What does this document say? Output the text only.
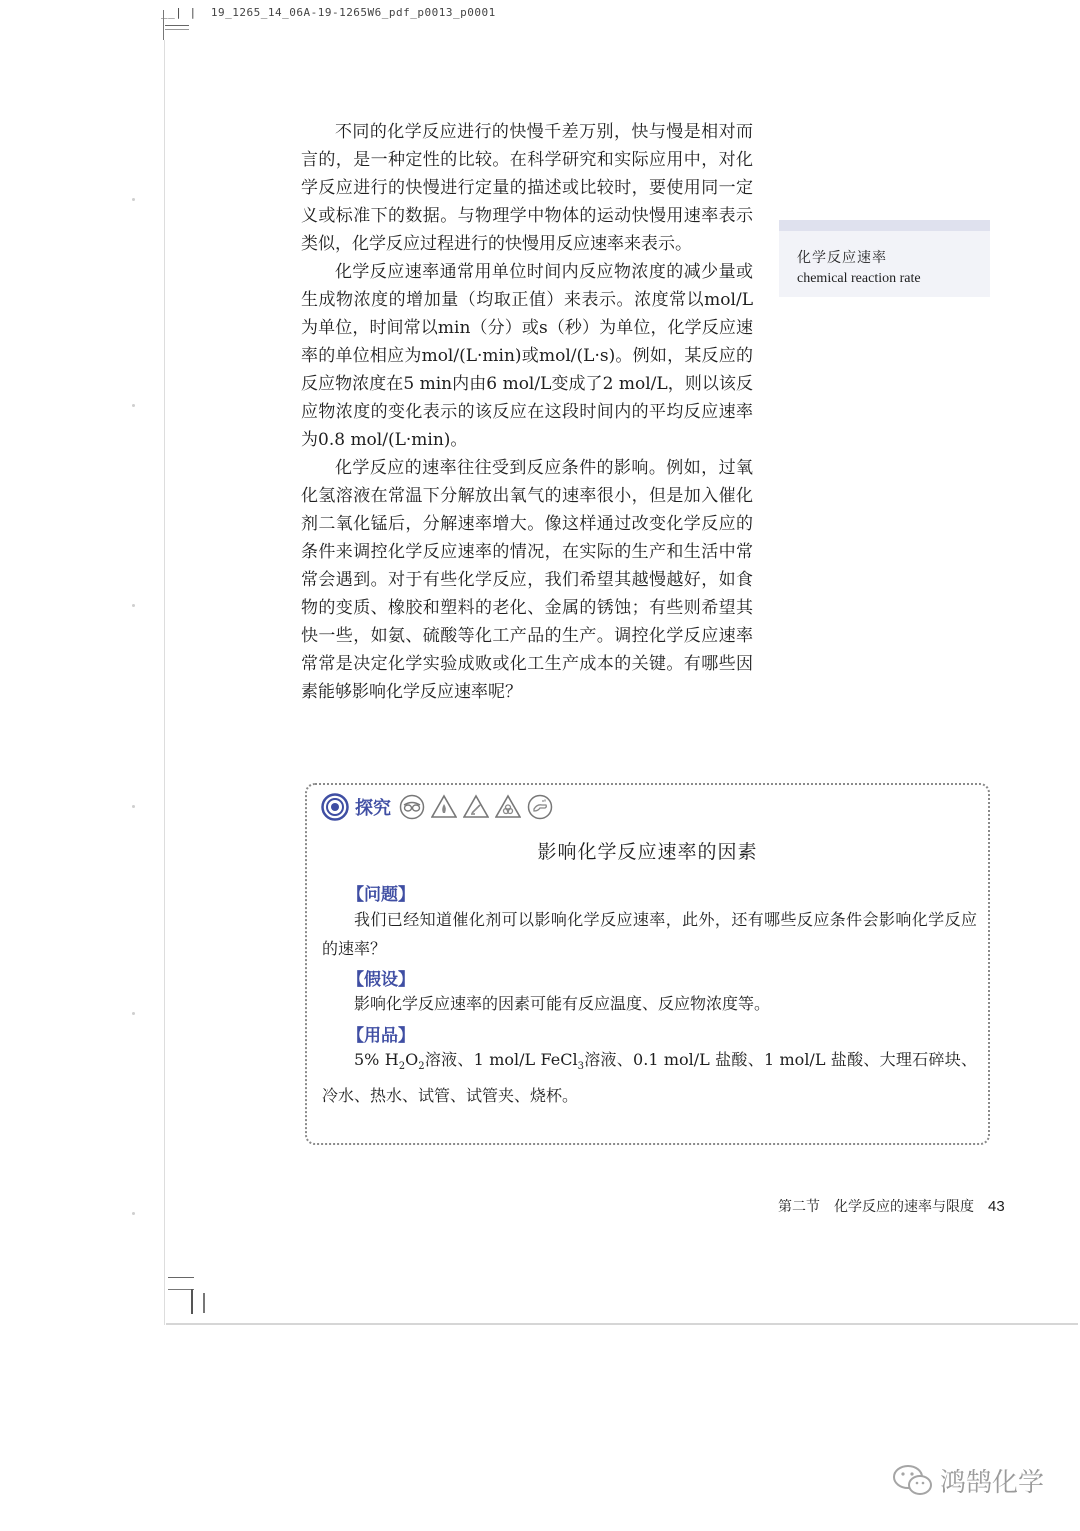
__| |  19_1265_14_06A-19-1265W6_pdf_p0013_p0001

不同的化学反应进行的快慢千差万别，快与慢是相对而言的，是一种定性的比较。在科学研究和实际应用中，对化学反应进行的快慢进行定量的描述或比较时，要使用同一定义或标准下的数据。与物理学中物体的运动快慢用速率表示类似，化学反应过程进行的快慢用反应速率来表示。

化学反应速率通常用单位时间内反应物浓度的减少量或生成物浓度的增加量（均取正值）来表示。浓度常以mol/L为单位，时间常以min（分）或s（秒）为单位，化学反应速率的单位相应为mol/(L·min)或mol/(L·s)。例如，某反应的反应物浓度在5 min内由6 mol/L变成了2 mol/L，则以该反应物浓度的变化表示的该反应在这段时间内的平均反应速率为0.8 mol/(L·min)。

化学反应的速率往往受到反应条件的影响。例如，过氧化氢溶液在常温下分解放出氧气的速率很小，但是加入催化剂二氧化锰后，分解速率增大。像这样通过改变化学反应的条件来调控化学反应速率的情况，在实际的生产和生活中常常会遇到。对于有些化学反应，我们希望其越慢越好，如食物的变质、橡胶和塑料的老化、金属的锈蚀；有些则希望其快一些，如氨、硫酸等化工产品的生产。调控化学反应速率常常是决定化学实验成败或化工生产成本的关键。有哪些因素能够影响化学反应速率呢？

化学反应速率
chemical reaction rate
探究
影响化学反应速率的因素
【问题】

我们已经知道催化剂可以影响化学反应速率，此外，还有哪些反应条件会影响化学反应的速率？

【假设】

影响化学反应速率的因素可能有反应温度、反应物浓度等。

【用品】

5% $H_2O_2$溶液、1 mol/L FeCl$_3$溶液、0.1 mol/L 盐酸、1 mol/L 盐酸、大理石碎块、冷水、热水、试管、试管夹、烧杯。

第二节　化学反应的速率与限度 43
鸿鹄化学
